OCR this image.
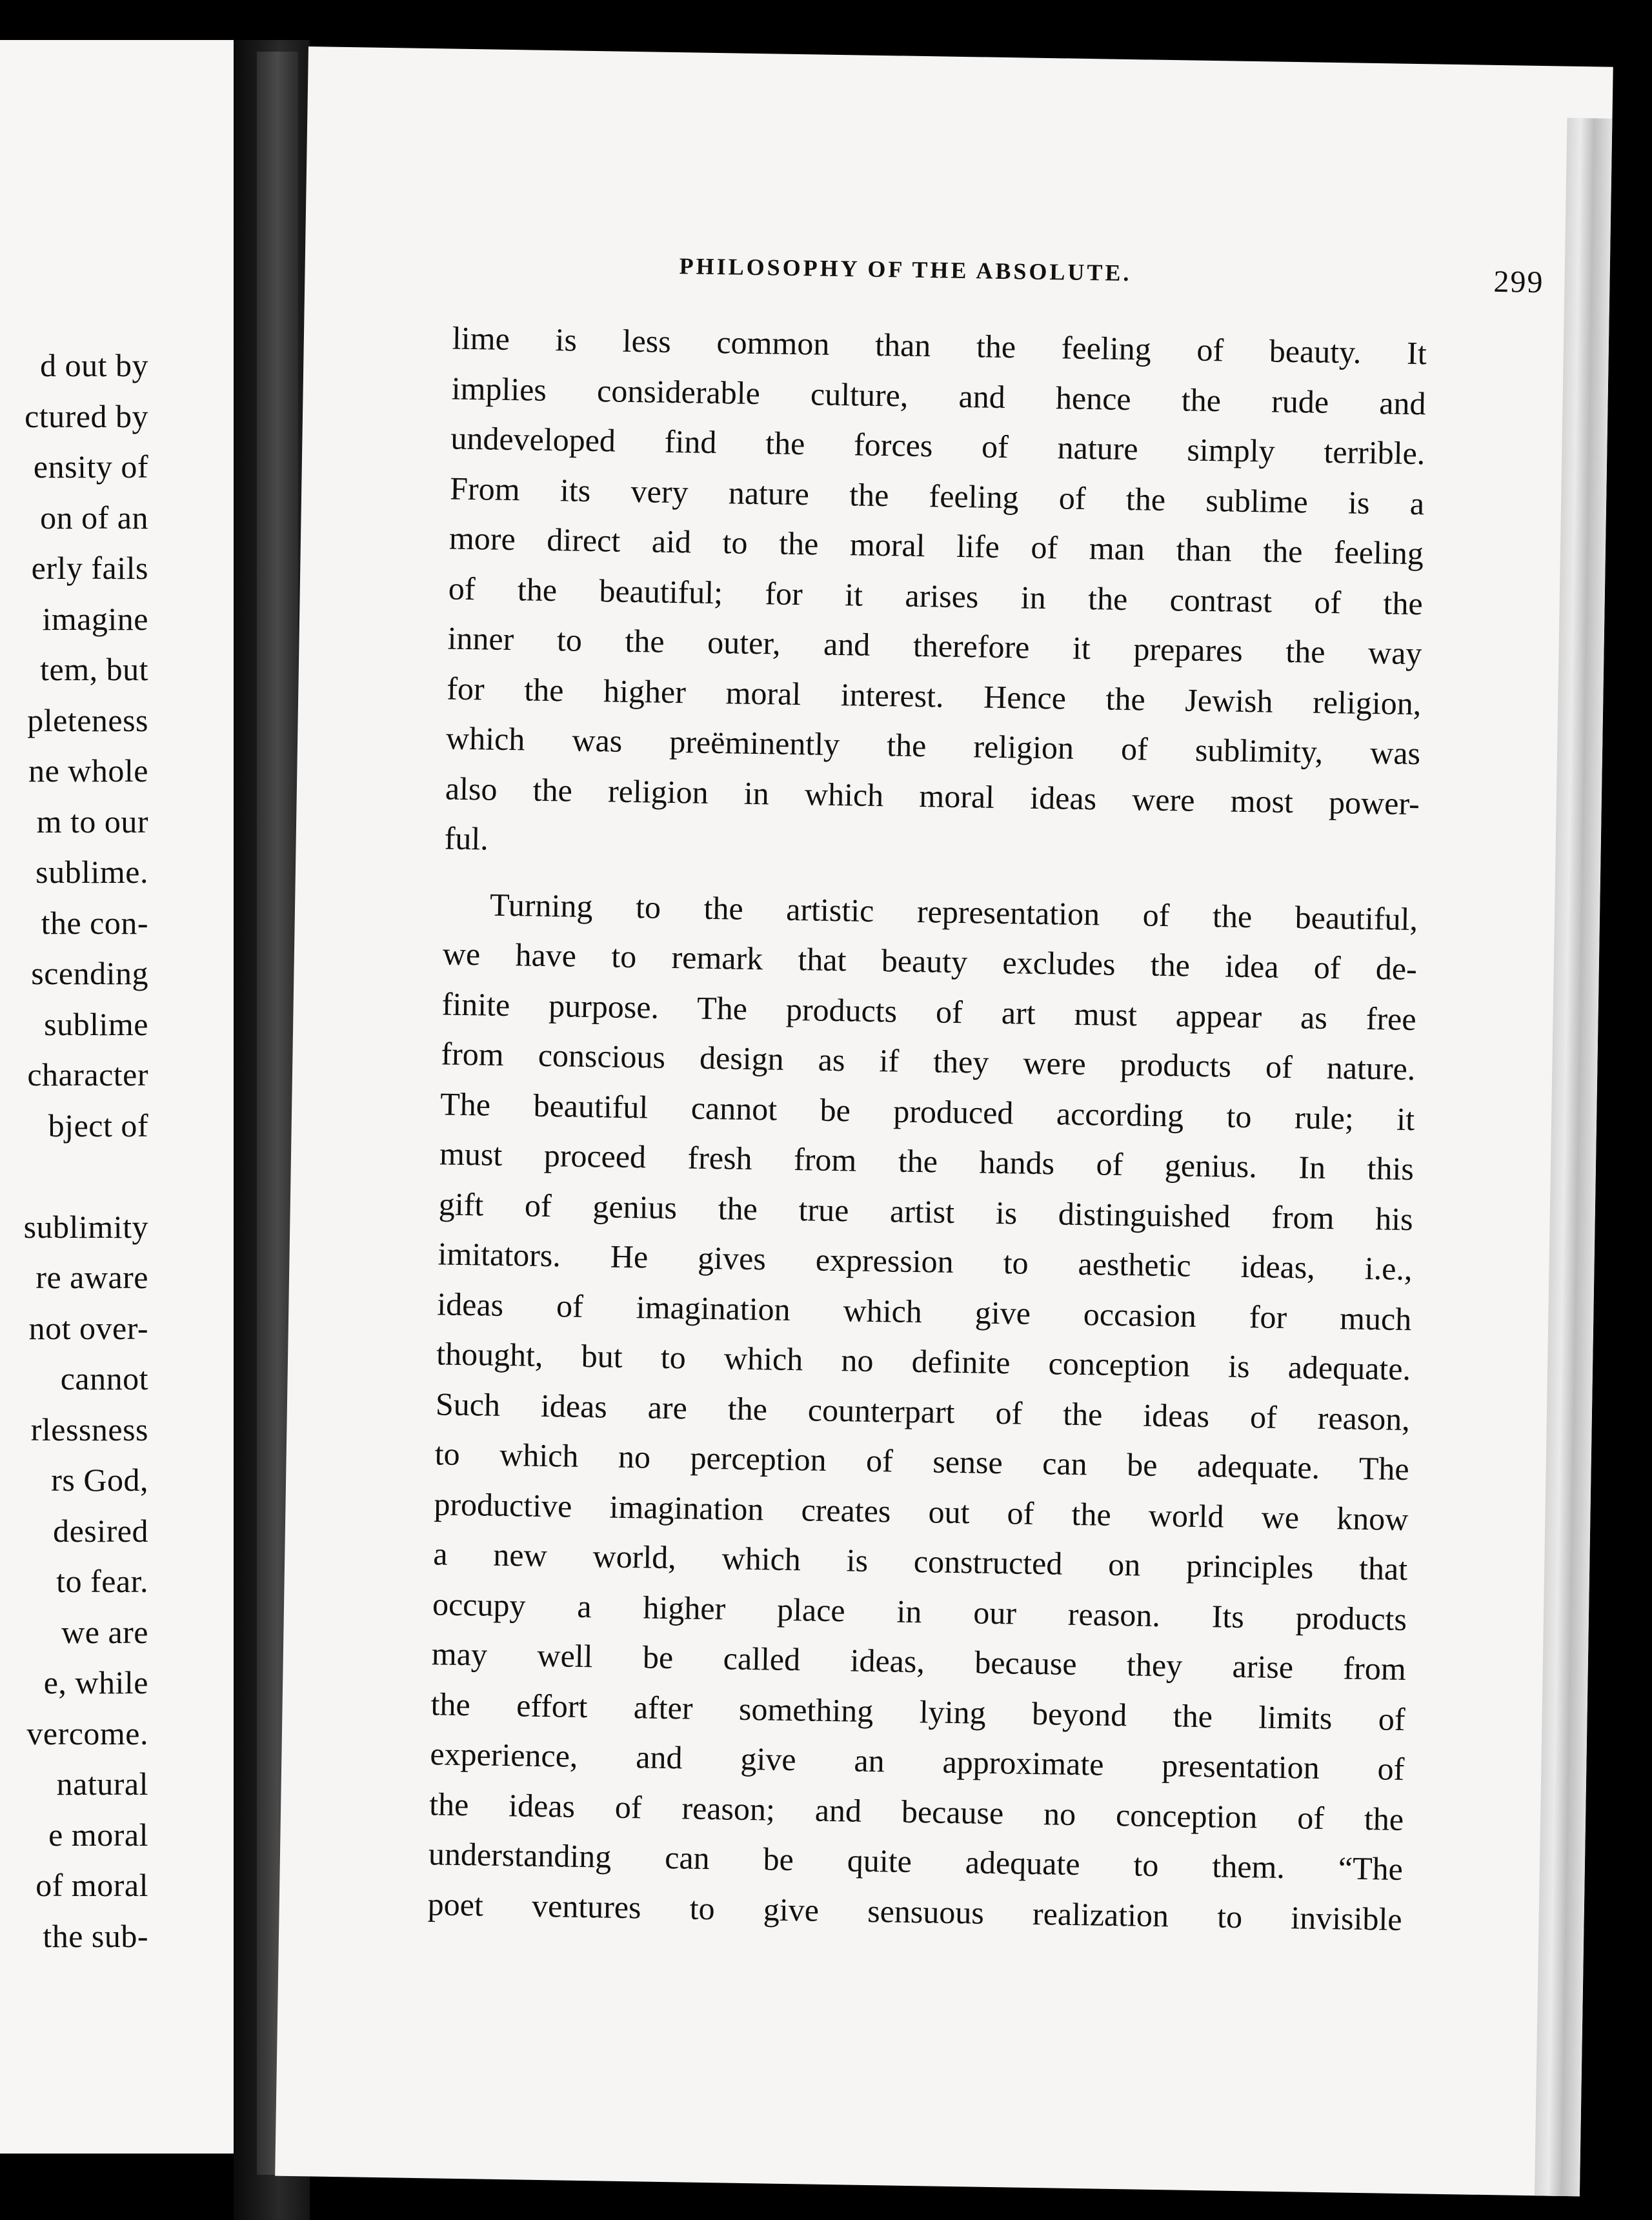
d out by
ctured by
ensity of
on of an
erly fails
imagine
tem, but
pleteness
ne whole
m to our
sublime.
the con-
scending
sublime
character
bject of
sublimity
re aware
not over-
cannot
rlessness
rs God,
desired
to fear.
we are
e, while
vercome.
natural
e moral
of moral
the sub-
PHILOSOPHY OF THE ABSOLUTE.	299
lime is less common than the feeling of beauty. It
implies considerable culture, and hence the rude and
undeveloped find the forces of nature simply terrible.
From its very nature the feeling of the sublime is a
more direct aid to the moral life of man than the feeling
of the beautiful; for it arises in the contrast of the
inner to the outer, and therefore it prepares the way
for the higher moral interest. Hence the Jewish religion,
which was preëminently the religion of sublimity, was
also the religion in which moral ideas were most power-
ful.
Turning to the artistic representation of the beautiful,
we have to remark that beauty excludes the idea of de-
finite purpose. The products of art must appear as free
from conscious design as if they were products of nature.
The beautiful cannot be produced according to rule; it
must proceed fresh from the hands of genius. In this
gift of genius the true artist is distinguished from his
imitators. He gives expression to aesthetic ideas, i.e.,
ideas of imagination which give occasion for much
thought, but to which no definite conception is adequate.
Such ideas are the counterpart of the ideas of reason,
to which no perception of sense can be adequate. The
productive imagination creates out of the world we know
a new world, which is constructed on principles that
occupy a higher place in our reason. Its products
may well be called ideas, because they arise from
the effort after something lying beyond the limits of
experience, and give an approximate presentation of
the ideas of reason; and because no conception of the
understanding can be quite adequate to them. “The
poet ventures to give sensuous realization to invisible
